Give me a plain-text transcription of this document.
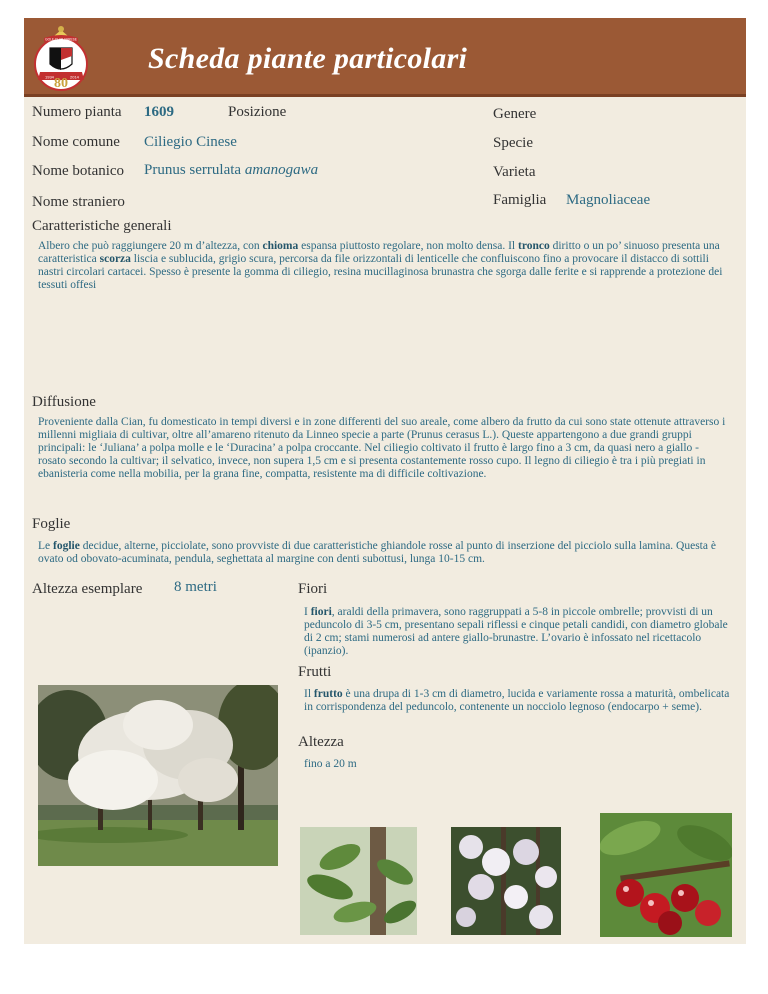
GOLF CLUB VARESE
1934	2014
80
Scheda piante particolari
Numero pianta 1609	Posizione	Genere
Nome comune Ciliegio Cinese	Specie
Nome botanico Prunus serrulata amanogawa	Varieta
Nome straniero	Famiglia Magnoliaceae
Caratteristiche generali
Albero che può raggiungere 20 m d’altezza, con chioma espansa piuttosto regolare, non molto densa. Il tronco diritto o un po’ sinuoso presenta una caratteristica scorza liscia e sublucida, grigio scura, percorsa da file orizzontali di lenticelle che confluiscono fino a provocare il distacco di sottili nastri circolari cartacei. Spesso è presente la gomma di ciliegio, resina mucillaginosa brunastra che sgorga dalle ferite e si rapprende a protezione dei tessuti offesi
Diffusione
Proveniente dalla Cian, fu domesticato in tempi diversi e in zone differenti del suo areale, come albero da frutto da cui sono state ottenute attraverso i millenni migliaia di cultivar, oltre all’amareno ritenuto da Linneo specie a parte (Prunus cerasus L.). Queste appartengono a due grandi gruppi principali: le ‘Juliana’ a polpa molle e le ‘Duracina’ a polpa croccante. Nel ciliegio coltivato il frutto è largo fino a 3 cm, da quasi nero a giallo - rosato secondo la cultivar; il selvatico, invece, non supera 1,5 cm e si presenta costantemente rosso cupo. Il legno di ciliegio è tra i più pregiati in ebanisteria come nella mobilia, per la grana fine, compatta, resistente ma di difficile coltivazione.
Foglie
Le foglie decidue, alterne, picciolate, sono provviste di due caratteristiche ghiandole rosse al punto di inserzione del picciolo sulla lamina. Questa è ovato od obovato-acuminata, pendula, seghettata al margine con denti subottusi, lunga 10-15 cm.
Altezza esemplare 8 metri	Fiori
I fiori, araldi della primavera, sono raggruppati a 5-8 in piccole ombrelle; provvisti di un peduncolo di 3-5 cm, presentano sepali riflessi e cinque petali candidi, con diametro globale di 2 cm; stami numerosi ad antere giallo-brunastre. L’ovario è infossato nel ricettacolo (ipanzio).
Frutti
Il frutto è una drupa di 1-3 cm di diametro, lucida e variamente rossa a maturità, ombelicata in corrispondenza del peduncolo, contenente un nocciolo legnoso (endocarpo + seme).
Altezza
fino a 20 m
